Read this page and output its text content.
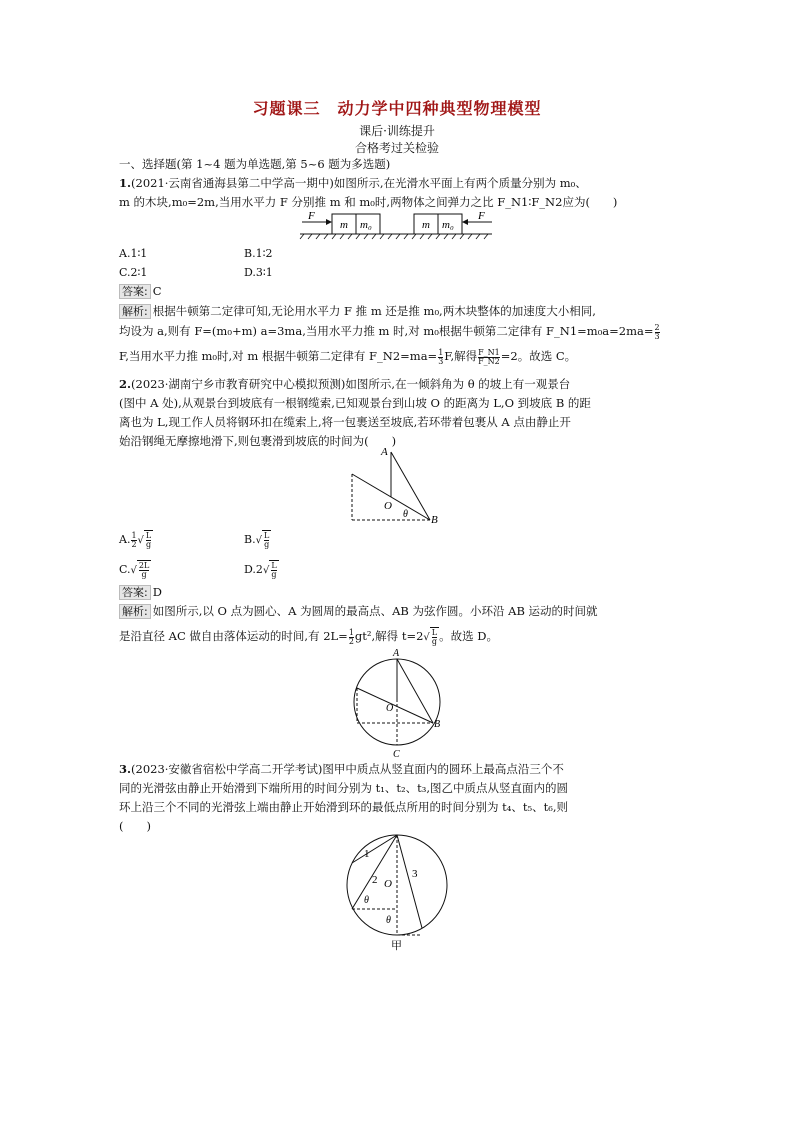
习题课三　动力学中四种典型物理模型
课后·训练提升
合格考过关检验
一、选择题(第 1~4 题为单选题,第 5~6 题为多选题)
1.(2021·云南省通海县第二中学高一期中)如图所示,在光滑水平面上有两个质量分别为 m₀、
m 的木块,m₀=2m,当用水平力 F 分别推 m 和 m₀时,两物体之间弹力之比 F_N1∶F_N2应为(　　)
F
m m₀	m m₀
F
A.1∶1	B.1∶2
C.2∶1	D.3∶1
答案: C
解析: 根据牛顿第二定律可知,无论用水平力 F 推 m 还是推 m₀,两木块整体的加速度大小相同,
均设为 a,则有 F=(m₀+m) a=3ma,当用水平力推 m 时,对 m₀根据牛顿第二定律有 F_N1=m₀a=2ma= $\frac{2}{3}$
F,当用水平力推 m₀时,对 m 根据牛顿第二定律有 F_N2=ma= $\frac{1}{3} F$,解得 $\frac{F\_N1}{F\_N2} =2$。故选 C。
2.(2023·湖南宁乡市教育研究中心模拟预测)如图所示,在一倾斜角为 θ 的坡上有一观景台
(图中 A 处),从观景台到坡底有一根钢缆索,已知观景台到山坡 O 的距离为 L,O 到坡底 B 的距
离也为 L,现工作人员将钢环扣在缆索上,将一包裹送至坡底,若环带着包裹从 A 点由静止开
始沿钢绳无摩擦地滑下,则包裹滑到坡底的时间为(　　)
A
O
θ B
A. $\frac{1}{2}$ √ $\frac{L}{g}$	$B.√ \frac{L}{g}$
$C.√ \frac{2L}{g}$	$D.2√ \frac{L}{g}$
答案: D
解析: 如图所示,以 O 点为圆心、A 为圆周的最高点、AB 为弦作圆。小环沿 AB 运动的时间就
是沿直径 AC 做自由落体运动的时间,有 $2L= \frac{1}{2} gt^2$,解得 $t=2√ \frac{L}{g}$ 。故选 D。
A
O
B
C
3.(2023·安徽省宿松中学高二开学考试)图甲中质点从竖直面内的圆环上最高点沿三个不
同的光滑弦由静止开始滑到下端所用的时间分别为 t₁、t₂、t₃,图乙中质点从竖直面内的圆
环上沿三个不同的光滑弦上端由静止开始滑到环的最低点所用的时间分别为 t₄、t₅、t₆,则
(　　)
1
2	3
O
θ
θ
甲
